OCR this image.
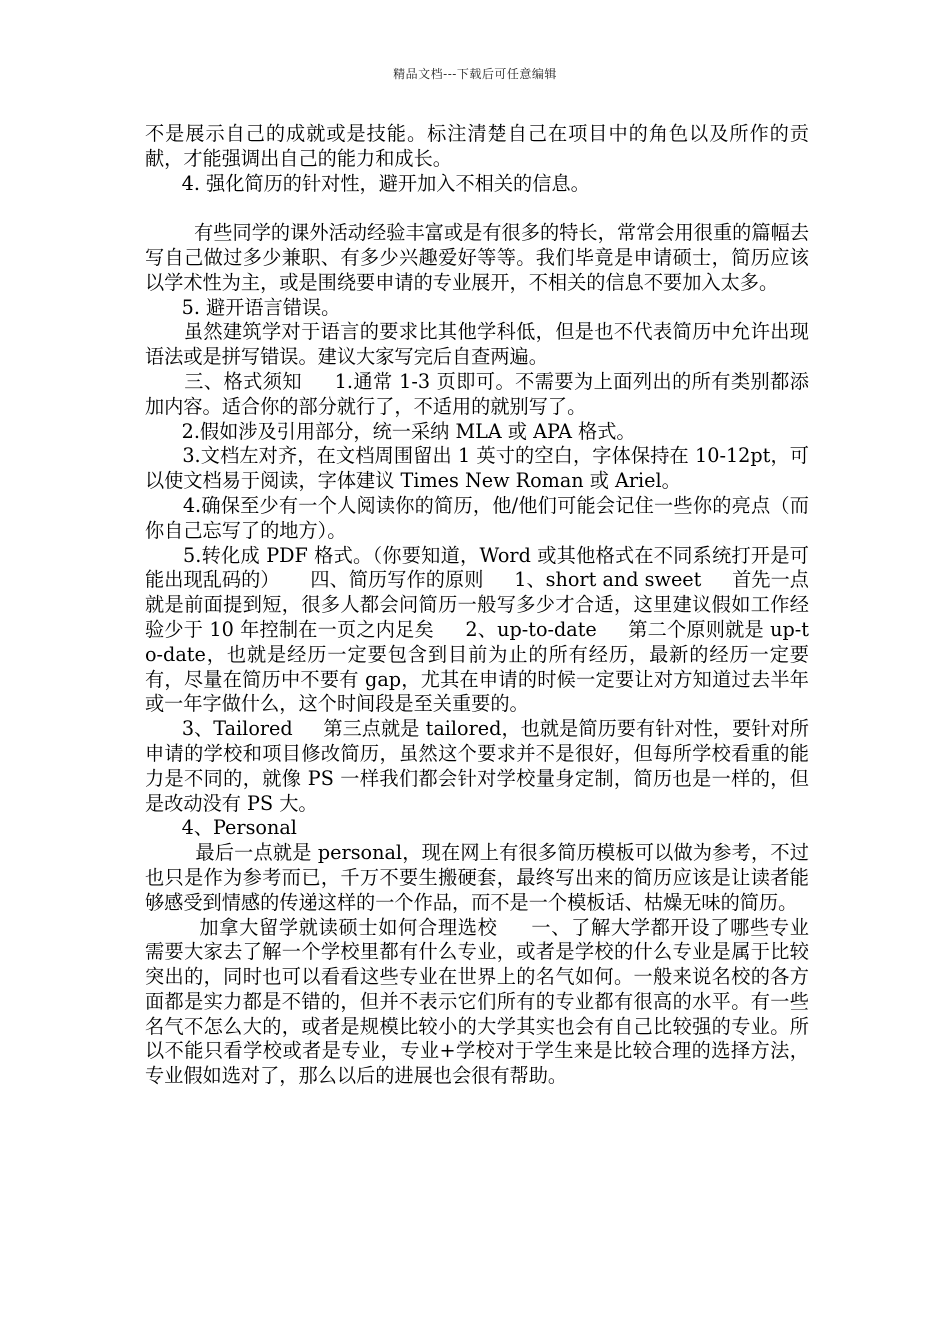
精品文档---下载后可任意编辑

不是展示自己的成就或是技能。标注清楚自己在项目中的角色以及所作的贡献，才能强调出自己的能力和成长。

4. 强化简历的针对性，避开加入不相关的信息。

有些同学的课外活动经验丰富或是有很多的特长，常常会用很重的篇幅去写自己做过多少兼职、有多少兴趣爱好等等。我们毕竟是申请硕士，简历应该以学术性为主，或是围绕要申请的专业展开，不相关的信息不要加入太多。

5. 避开语言错误。

虽然建筑学对于语言的要求比其他学科低，但是也不代表简历中允许出现语法或是拼写错误。建议大家写完后自查两遍。

三、格式须知     1.通常 1-3 页即可。不需要为上面列出的所有类别都添加内容。适合你的部分就行了，不适用的就别写了。

2.假如涉及引用部分，统一采纳 MLA 或 APA 格式。

3.文档左对齐，在文档周围留出 1 英寸的空白，字体保持在 10-12pt，可以使文档易于阅读，字体建议 Times New Roman 或 Ariel。

4.确保至少有一个人阅读你的简历，他/他们可能会记住一些你的亮点（而你自己忘写了的地方）。

5.转化成 PDF 格式。（你要知道，Word 或其他格式在不同系统打开是可能出现乱码的）     四、简历写作的原则     1、short and sweet     首先一点就是前面提到短，很多人都会问简历一般写多少才合适，这里建议假如工作经验少于 10 年控制在一页之内足矣     2、up-to-date     第二个原则就是 up-to-date，也就是经历一定要包含到目前为止的所有经历，最新的经历一定要有，尽量在简历中不要有 gap，尤其在申请的时候一定要让对方知道过去半年或一年字做什么，这个时间段是至关重要的。

3、Tailored     第三点就是 tailored，也就是简历要有针对性，要针对所申请的学校和项目修改简历，虽然这个要求并不是很好，但每所学校看重的能力是不同的，就像 PS 一样我们都会针对学校量身定制，简历也是一样的，但是改动没有 PS 大。

4、Personal

最后一点就是 personal，现在网上有很多简历模板可以做为参考，不过也只是作为参考而已，千万不要生搬硬套，最终写出来的简历应该是让读者能够感受到情感的传递这样的一个作品，而不是一个模板话、枯燥无味的简历。

加拿大留学就读硕士如何合理选校     一、了解大学都开设了哪些专业     需要大家去了解一个学校里都有什么专业，或者是学校的什么专业是属于比较突出的，同时也可以看看这些专业在世界上的名气如何。一般来说名校的各方面都是实力都是不错的，但并不表示它们所有的专业都有很高的水平。有一些名气不怎么大的，或者是规模比较小的大学其实也会有自己比较强的专业。所以不能只看学校或者是专业，专业+学校对于学生来是比较合理的选择方法，专业假如选对了，那么以后的进展也会很有帮助。
